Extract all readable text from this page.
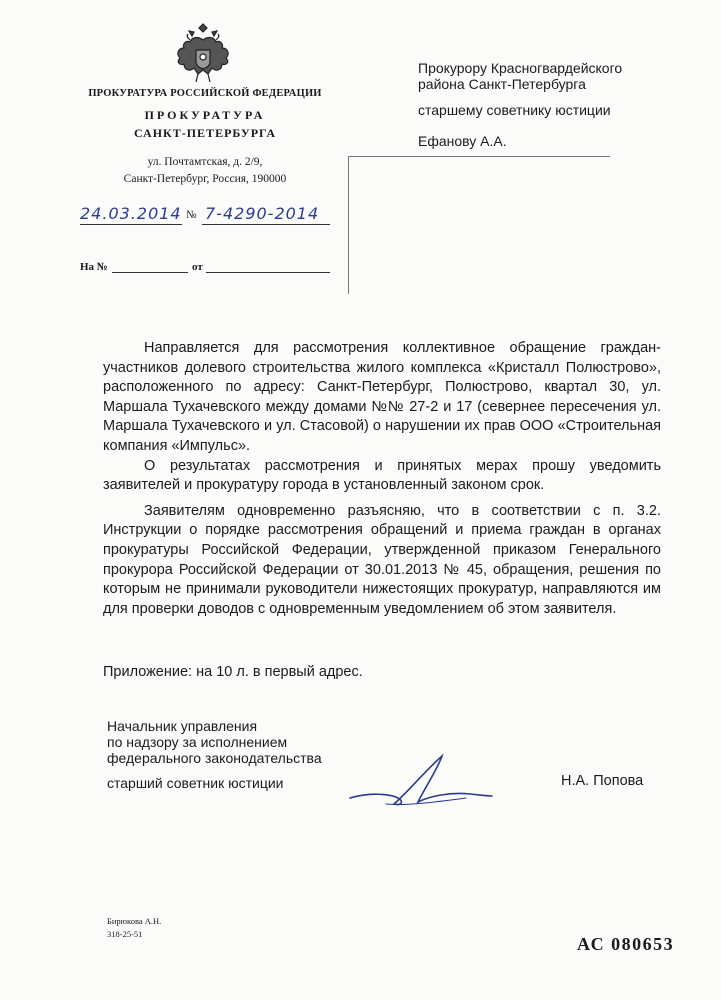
ПРОКУРАТУРА РОССИЙСКОЙ ФЕДЕРАЦИИ
ПРОКУРАТУРА
САНКТ-ПЕТЕРБУРГА
ул. Почтамтская, д. 2/9,
Санкт-Петербург, Россия, 190000
24.03.2014 № 7-4290-2014
На №	от
Прокурору Красногвардейского
района Санкт-Петербурга
старшему советнику юстиции
Ефанову А.А.

Направляется для рассмотрения коллективное обращение граждан-участников долевого строительства жилого комплекса «Кристалл Полюстрово», расположенного по адресу: Санкт-Петербург, Полюстрово, квартал 30, ул. Маршала Тухачевского между домами №№ 27-2 и 17 (севернее пересечения ул. Маршала Тухачевского и ул. Стасовой) о нарушении их прав ООО «Строительная компания «Импульс».

О результатах рассмотрения и принятых мерах прошу уведомить заявителей и прокуратуру города в установленный законом срок.

Заявителям одновременно разъясняю, что в соответствии с п. 3.2. Инструкции о порядке рассмотрения обращений и приема граждан в органах прокуратуры Российской Федерации, утвержденной приказом Генерального прокурора Российской Федерации от 30.01.2013 № 45, обращения, решения по которым не принимали руководители нижестоящих прокуратур, направляются им для проверки доводов с одновременным уведомлением об этом заявителя.

Приложение: на 10 л. в первый адрес.
Начальник управления
по надзору за исполнением
федерального законодательства
старший советник юстиции	Н.А. Попова
Бирюкова А.Н.
318-25-51	АС 080653
